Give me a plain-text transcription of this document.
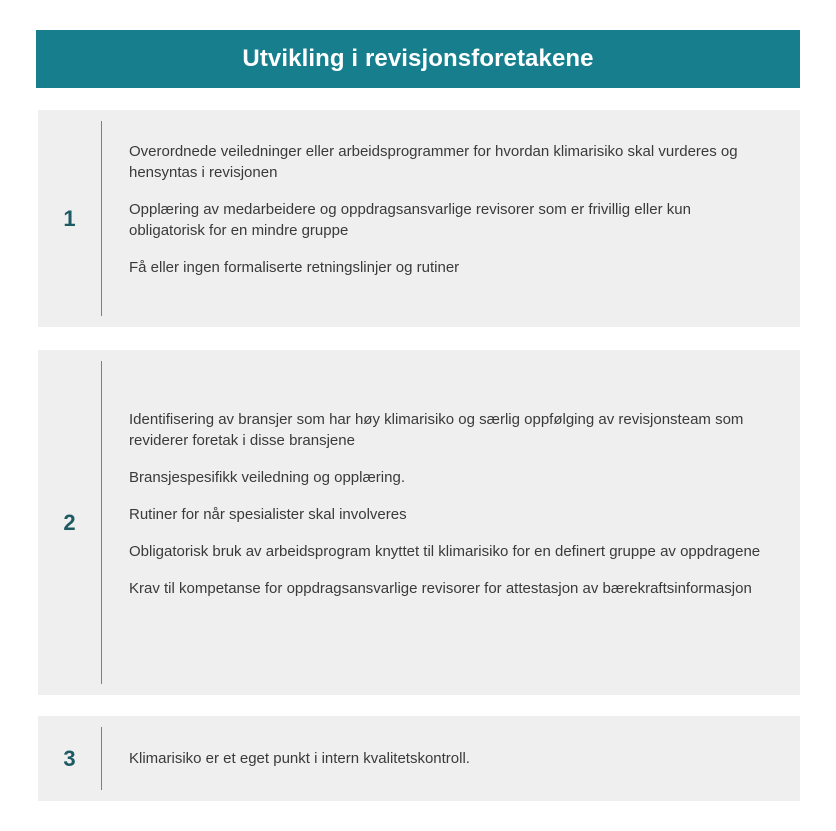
Utvikling i revisjonsforetakene
1

Overordnede veiledninger eller arbeidsprogrammer for hvordan klimarisiko skal vurderes og hensyntas i revisjonen

Opplæring av medarbeidere og oppdragsansvarlige revisorer som er frivillig eller kun obligatorisk for en mindre gruppe

Få eller ingen formaliserte retningslinjer og rutiner

2

Identifisering av bransjer som har høy klimarisiko og særlig oppfølging av revisjonsteam som reviderer foretak i disse bransjene

Bransjespesifikk veiledning og opplæring.

Rutiner for når spesialister skal involveres

Obligatorisk bruk av arbeidsprogram knyttet til klimarisiko for en definert gruppe av oppdragene

Krav til kompetanse for oppdragsansvarlige revisorer for attestasjon av bærekraftsinformasjon

3	Klimarisiko er et eget punkt i intern kvalitetskontroll.
